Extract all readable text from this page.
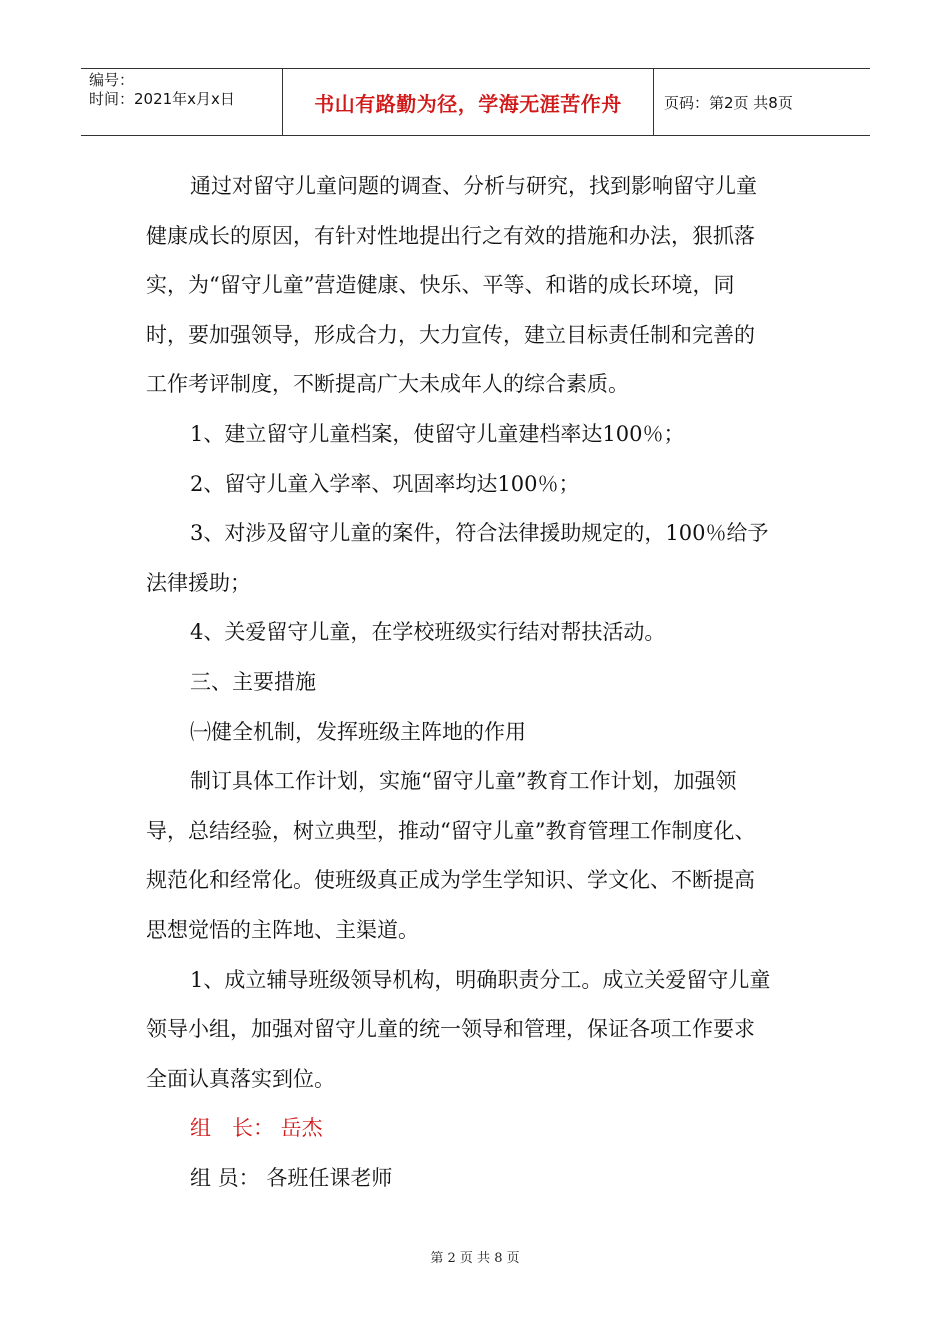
编号：
时间：2021年x月x日	书山有路勤为径，学海无涯苦作舟	页码：第2页 共8页

通过对留守儿童问题的调查、分析与研究，找到影响留守儿童

健康成长的原因，有针对性地提出行之有效的措施和办法，狠抓落

实，为“留守儿童”营造健康、快乐、平等、和谐的成长环境，同

时，要加强领导，形成合力，大力宣传，建立目标责任制和完善的

工作考评制度，不断提高广大未成年人的综合素质。

1、建立留守儿童档案，使留守儿童建档率达100％；

2、留守儿童入学率、巩固率均达100％；

3、对涉及留守儿童的案件，符合法律援助规定的，100％给予

法律援助；

4、关爱留守儿童，在学校班级实行结对帮扶活动。

三、主要措施

㈠健全机制，发挥班级主阵地的作用

制订具体工作计划，实施“留守儿童”教育工作计划，加强领

导，总结经验，树立典型，推动“留守儿童”教育管理工作制度化、

规范化和经常化。使班级真正成为学生学知识、学文化、不断提高

思想觉悟的主阵地、主渠道。

1、成立辅导班级领导机构，明确职责分工。成立关爱留守儿童

领导小组，加强对留守儿童的统一领导和管理，保证各项工作要求

全面认真落实到位。

组　长： 岳杰

组 员： 各班任课老师

第 2 页 共 8 页
